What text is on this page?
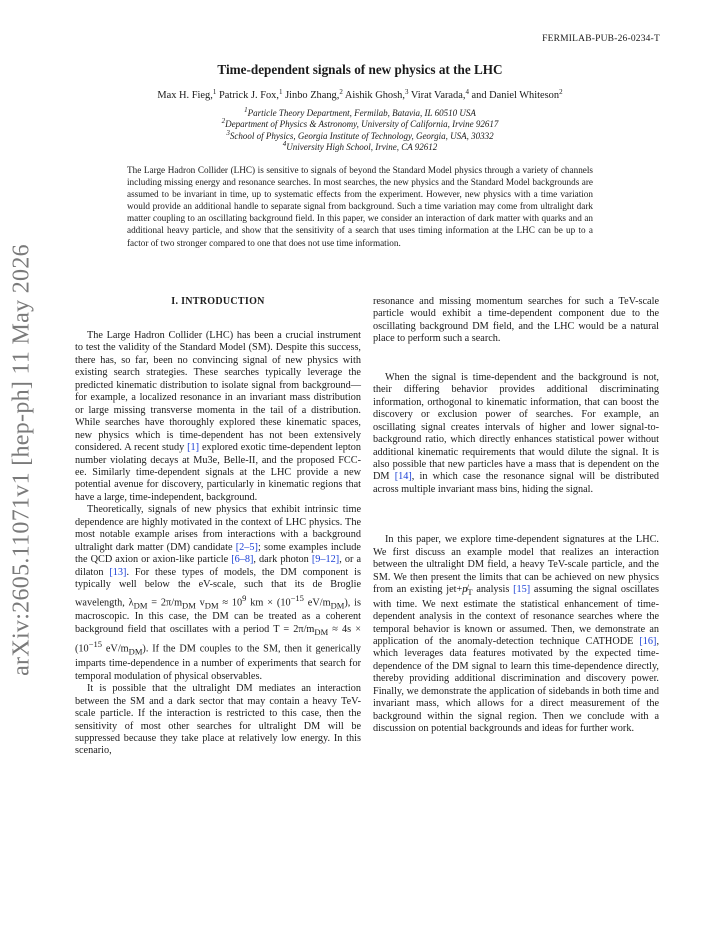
FERMILAB-PUB-26-0234-T
arXiv:2605.11071v1 [hep-ph] 11 May 2026
Time-dependent signals of new physics at the LHC
Max H. Fieg,$^1$ Patrick J. Fox,$^1$ Jinbo Zhang,$^2$ Aishik Ghosh,$^3$ Virat Varada,$^4$ and Daniel Whiteson$^2$
$^1$Particle Theory Department, Fermilab, Batavia, IL 60510 USA
$^2$Department of Physics & Astronomy, University of California, Irvine 92617
$^3$School of Physics, Georgia Institute of Technology, Georgia, USA, 30332
$^4$University High School, Irvine, CA 92612
The Large Hadron Collider (LHC) is sensitive to signals of beyond the Standard Model physics through a variety of channels including missing energy and resonance searches. In most searches, the new physics and the Standard Model backgrounds are assumed to be invariant in time, up to systematic effects from the experiment. However, new physics with a time variation would provide an additional handle to separate signal from background. Such a time variation may come from ultralight dark matter coupling to an oscillating background field. In this paper, we consider an interaction of dark matter with quarks and an additional heavy particle, and show that the sensitivity of a search that uses timing information at the LHC can be up to a factor of two stronger compared to one that does not use time information.
I. INTRODUCTION

The Large Hadron Collider (LHC) has been a crucial instrument to test the validity of the Standard Model (SM). Despite this success, there has, so far, been no convincing signal of new physics with existing search strategies. These searches typically leverage the predicted kinematic distribution to isolate signal from background— for example, a localized resonance in an invariant mass distribution or large missing transverse momenta in the tail of a distribution. While searches have thoroughly explored these kinematic spaces, new physics which is time-dependent has not been extensively considered. A recent study [1] explored exotic time-dependent lepton number violating decays at Mu3e, Belle-II, and the proposed FCC-ee. Similarly time-dependent signals at the LHC provide a new potential avenue for discovery, particularly in kinematic regions that have a large, time-independent, background.

Theoretically, signals of new physics that exhibit intrinsic time dependence are highly motivated in the context of LHC physics. The most notable example arises from interactions with a background ultralight dark matter (DM) candidate [2–5]; some examples include the QCD axion or axion-like particle [6–8], dark photon [9–12], or a dilaton [13]. For these types of models, the DM component is typically well below the eV-scale, such that its de Broglie wavelength, $\lambda_{DM} = 2\pi/m_{DM}$ $v_{DM} \approx 10^9$ km × ($10^{-15}$ $eV/m_{DM}$), is macroscopic. In this case, the DM can be treated as a coherent background field that oscillates with a period $T = 2\pi/m_{DM} \approx 4s \times (10^{-15}$ $eV/m_{DM}$). If the DM couples to the SM, then it generically imparts time-dependence in a number of experiments that search for temporal modulation of physical observables.

It is possible that the ultralight DM mediates an interaction between the SM and a dark sector that may contain a heavy TeV-scale particle. If the interaction is restricted to this case, then the sensitivity of most other searches for ultralight DM will be suppressed because they take place at relatively low energy. In this scenario,

resonance and missing momentum searches for such a TeV-scale particle would exhibit a time-dependent component due to the oscillating background DM field, and the LHC would be a natural place to perform such a search.

When the signal is time-dependent and the background is not, their differing behavior provides additional discriminating information, orthogonal to kinematic information, that can boost the discovery or exclusion power of searches. For example, an oscillating signal creates intervals of higher and lower signal-to-background ratio, which directly enhances statistical power without additional kinematic requirements that would dilute the signal. It is also possible that new particles have a mass that is dependent on the DM [14], in which case the resonance signal will be distributed across multiple invariant mass bins, hiding the signal.

In this paper, we explore time-dependent signatures at the LHC. We first discuss an example model that realizes an interaction between the ultralight DM field, a heavy TeV-scale particle, and the SM. We then present the limits that can be achieved on new physics from an existing $jet+p̸_T$ analysis [15] assuming the signal oscillates with time. We next estimate the statistical enhancement of time-dependent analysis in the context of resonance searches where the temporal behavior is known or assumed. Then, we demonstrate an application of the anomaly-detection technique CATHODE [16], which leverages data features motivated by the expected time-dependence of the DM signal to learn this time-dependence directly, thereby providing additional discrimination and discovery power. Finally, we demonstrate the application of sidebands in both time and invariant mass, which allows for a direct measurement of the background within the signal region. Then we conclude with a discussion on potential backgrounds and ideas for further work.
